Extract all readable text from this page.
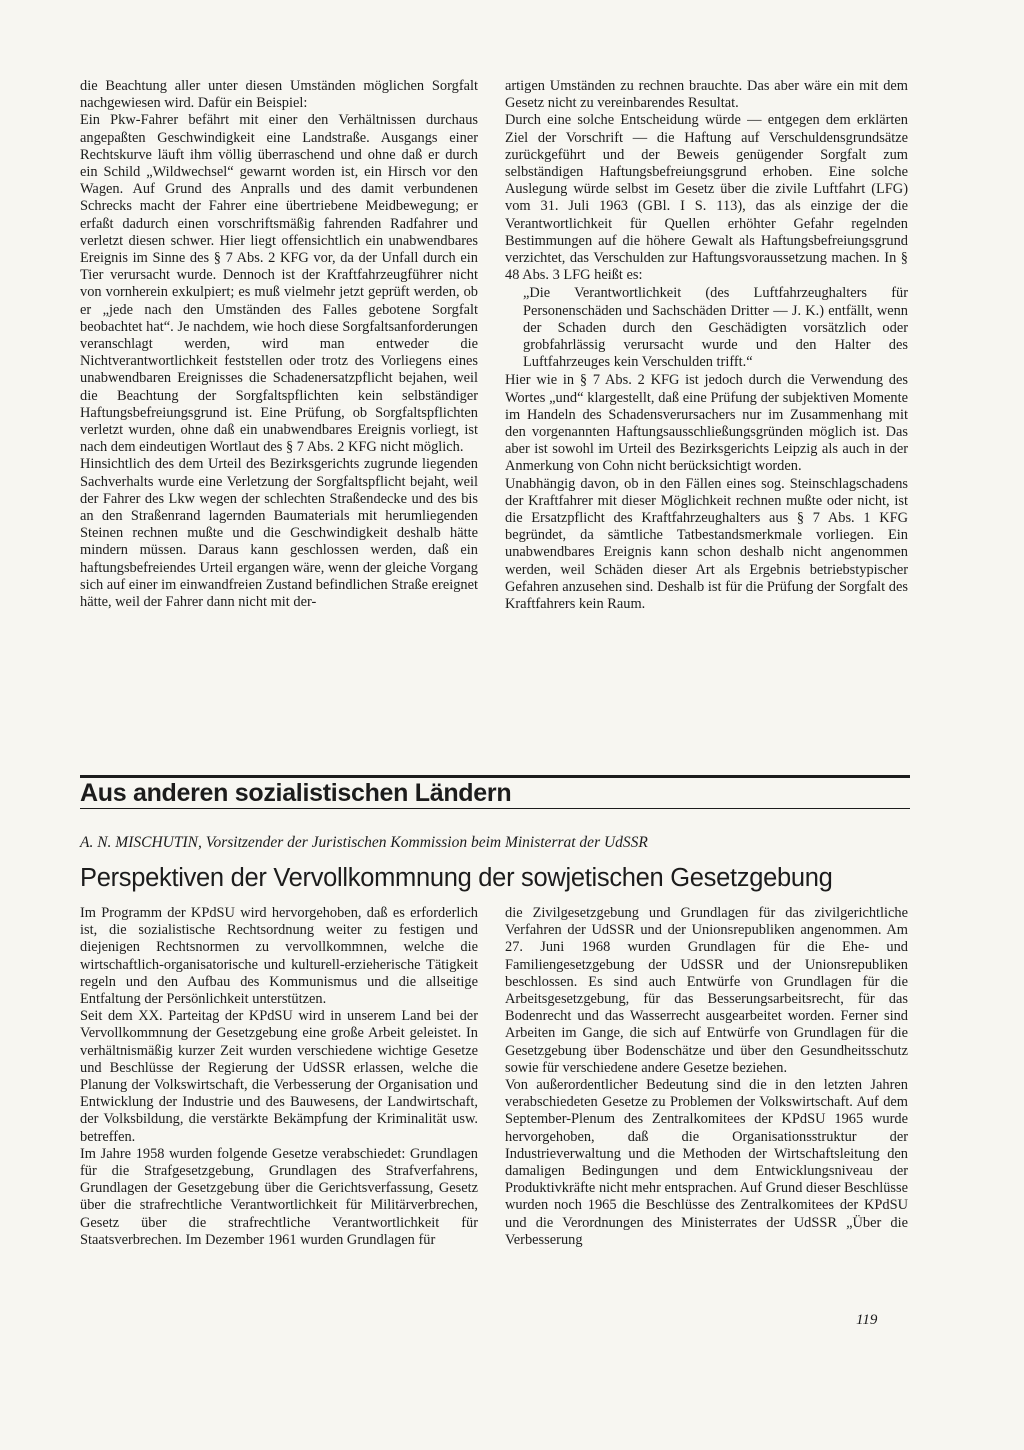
die Beachtung aller unter diesen Umständen möglichen Sorgfalt nachgewiesen wird. Dafür ein Beispiel:

Ein Pkw-Fahrer befährt mit einer den Verhältnissen durchaus angepaßten Geschwindigkeit eine Landstraße. Ausgangs einer Rechtskurve läuft ihm völlig überraschend und ohne daß er durch ein Schild „Wildwechsel“ gewarnt worden ist, ein Hirsch vor den Wagen. Auf Grund des Anpralls und des damit verbundenen Schrecks macht der Fahrer eine übertriebene Meidbewegung; er erfaßt dadurch einen vorschriftsmäßig fahrenden Radfahrer und verletzt diesen schwer. Hier liegt offensichtlich ein unabwendbares Ereignis im Sinne des § 7 Abs. 2 KFG vor, da der Unfall durch ein Tier verursacht wurde. Dennoch ist der Kraftfahrzeugführer nicht von vornherein exkulpiert; es muß vielmehr jetzt geprüft werden, ob er „jede nach den Umständen des Falles gebotene Sorgfalt beobachtet hat“. Je nachdem, wie hoch diese Sorgfaltsanforderungen veranschlagt werden, wird man entweder die Nichtverantwortlichkeit feststellen oder trotz des Vorliegens eines unabwendbaren Ereignisses die Schadenersatzpflicht bejahen, weil die Beachtung der Sorgfaltspflichten kein selbständiger Haftungsbefreiungsgrund ist. Eine Prüfung, ob Sorgfaltspflichten verletzt wurden, ohne daß ein unabwendbares Ereignis vorliegt, ist nach dem eindeutigen Wortlaut des § 7 Abs. 2 KFG nicht möglich.

Hinsichtlich des dem Urteil des Bezirksgerichts zugrunde liegenden Sachverhalts wurde eine Verletzung der Sorgfaltspflicht bejaht, weil der Fahrer des Lkw wegen der schlechten Straßendecke und des bis an den Straßenrand lagernden Baumaterials mit herumliegenden Steinen rechnen mußte und die Geschwindigkeit deshalb hätte mindern müssen. Daraus kann geschlossen werden, daß ein haftungsbefreiendes Urteil ergangen wäre, wenn der gleiche Vorgang sich auf einer im einwandfreien Zustand befindlichen Straße ereignet hätte, weil der Fahrer dann nicht mit der-

artigen Umständen zu rechnen brauchte. Das aber wäre ein mit dem Gesetz nicht zu vereinbarendes Resultat.

Durch eine solche Entscheidung würde — entgegen dem erklärten Ziel der Vorschrift — die Haftung auf Verschuldensgrundsätze zurückgeführt und der Beweis genügender Sorgfalt zum selbständigen Haftungsbefreiungsgrund erhoben. Eine solche Auslegung würde selbst im Gesetz über die zivile Luftfahrt (LFG) vom 31. Juli 1963 (GBl. I S. 113), das als einzige der die Verantwortlichkeit für Quellen erhöhter Gefahr regelnden Bestimmungen auf die höhere Gewalt als Haftungsbefreiungsgrund verzichtet, das Verschulden zur Haftungsvoraussetzung machen. In § 48 Abs. 3 LFG heißt es:

„Die Verantwortlichkeit (des Luftfahrzeughalters für Personenschäden und Sachschäden Dritter — J. K.) entfällt, wenn der Schaden durch den Geschädigten vorsätzlich oder grobfahrlässig verursacht wurde und den Halter des Luftfahrzeuges kein Verschulden trifft.“

Hier wie in § 7 Abs. 2 KFG ist jedoch durch die Verwendung des Wortes „und“ klargestellt, daß eine Prüfung der subjektiven Momente im Handeln des Schadensverursachers nur im Zusammenhang mit den vorgenannten Haftungsausschließungsgründen möglich ist. Das aber ist sowohl im Urteil des Bezirksgerichts Leipzig als auch in der Anmerkung von Cohn nicht berücksichtigt worden.

Unabhängig davon, ob in den Fällen eines sog. Steinschlagschadens der Kraftfahrer mit dieser Möglichkeit rechnen mußte oder nicht, ist die Ersatzpflicht des Kraftfahrzeughalters aus § 7 Abs. 1 KFG begründet, da sämtliche Tatbestandsmerkmale vorliegen. Ein unabwendbares Ereignis kann schon deshalb nicht angenommen werden, weil Schäden dieser Art als Ergebnis betriebstypischer Gefahren anzusehen sind. Deshalb ist für die Prüfung der Sorgfalt des Kraftfahrers kein Raum.

Aus anderen sozialistischen Ländern
A. N. MISCHUTIN, Vorsitzender der Juristischen Kommission beim Ministerrat der UdSSR
Perspektiven der Vervollkommnung der sowjetischen Gesetzgebung

Im Programm der KPdSU wird hervorgehoben, daß es erforderlich ist, die sozialistische Rechtsordnung weiter zu festigen und diejenigen Rechtsnormen zu vervollkommnen, welche die wirtschaftlich-organisatorische und kulturell-erzieherische Tätigkeit regeln und den Aufbau des Kommunismus und die allseitige Entfaltung der Persönlichkeit unterstützen.

Seit dem XX. Parteitag der KPdSU wird in unserem Land bei der Vervollkommnung der Gesetzgebung eine große Arbeit geleistet. In verhältnismäßig kurzer Zeit wurden verschiedene wichtige Gesetze und Beschlüsse der Regierung der UdSSR erlassen, welche die Planung der Volkswirtschaft, die Verbesserung der Organisation und Entwicklung der Industrie und des Bauwesens, der Landwirtschaft, der Volksbildung, die verstärkte Bekämpfung der Kriminalität usw. betreffen.

Im Jahre 1958 wurden folgende Gesetze verabschiedet: Grundlagen für die Strafgesetzgebung, Grundlagen des Strafverfahrens, Grundlagen der Gesetzgebung über die Gerichtsverfassung, Gesetz über die strafrechtliche Verantwortlichkeit für Militärverbrechen, Gesetz über die strafrechtliche Verantwortlichkeit für Staatsverbrechen. Im Dezember 1961 wurden Grundlagen für

die Zivilgesetzgebung und Grundlagen für das zivilgerichtliche Verfahren der UdSSR und der Unionsrepubliken angenommen. Am 27. Juni 1968 wurden Grundlagen für die Ehe- und Familiengesetzgebung der UdSSR und der Unionsrepubliken beschlossen. Es sind auch Entwürfe von Grundlagen für die Arbeitsgesetzgebung, für das Besserungsarbeitsrecht, für das Bodenrecht und das Wasserrecht ausgearbeitet worden. Ferner sind Arbeiten im Gange, die sich auf Entwürfe von Grundlagen für die Gesetzgebung über Bodenschätze und über den Gesundheitsschutz sowie für verschiedene andere Gesetze beziehen.

Von außerordentlicher Bedeutung sind die in den letzten Jahren verabschiedeten Gesetze zu Problemen der Volkswirtschaft. Auf dem September-Plenum des Zentralkomitees der KPdSU 1965 wurde hervorgehoben, daß die Organisationsstruktur der Industrieverwaltung und die Methoden der Wirtschaftsleitung den damaligen Bedingungen und dem Entwicklungsniveau der Produktivkräfte nicht mehr entsprachen. Auf Grund dieser Beschlüsse wurden noch 1965 die Beschlüsse des Zentralkomitees der KPdSU und die Verordnungen des Ministerrates der UdSSR „Über die Verbesserung

119
